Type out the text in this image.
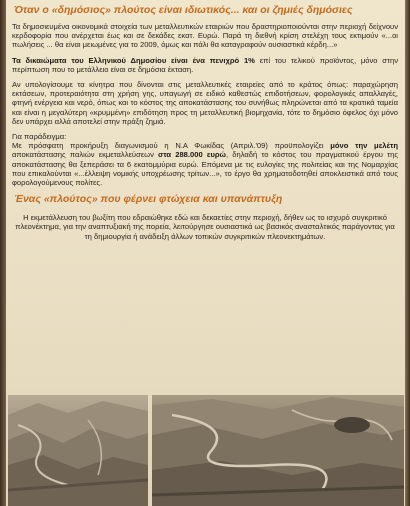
Όταν ο «δημόσιος» πλούτος είναι ιδιωτικός... και οι ζημιές δημόσιες

Τα δημοσιευμένα οικονομικά στοιχεία των μεταλλευτικών εταιριών που δραστηριοποιούνται στην περιοχή δείχνουν κερδοφορία που ανέρχεται έως και σε δεκάδες εκατ. Ευρώ. Παρά τη διεθνή κρίση στελέχη τους εκτιμούν «...οι πωλήσεις ... θα είναι μειωμένες για το 2009, όμως και πάλι θα καταγραφούν ουσιαστικά κέρδη...»

Τα δικαιώματα του Ελληνικού Δημοσίου είναι ένα πενιχρό 1% επί του τελικού προϊόντος, μόνο στην περίπτωση που το μετάλλειο είναι σε δημόσια έκταση.

Αν υπολογίσουμε τα κίνητρα που δίνονται στις μεταλλευτικές εταιρείες από το κράτος όπως: παραχώρηση εκτάσεων, προτεραιότητα στη χρήση γης, υπαγωγή σε ειδικό καθεστώς επιδοτήσεων, φορολογικές απαλλαγές, φτηνή ενέργεια και νερό, όπως και το κόστος της αποκατάστασης του συνήθως πληρώνεται από τα κρατικά ταμεία και είναι η μεγαλύτερη «κρυμμένη» επιδότηση προς τη μεταλλευτική βιομηχανία, τότε το δημόσιο όφελος όχι μόνο δεν υπάρχει αλλά αποτελεί στην πράξη ζημιά.

Για παράδειγμα:
Με πρόσφατη προκήρυξη διαγωνισμού η Ν.Α Φωκίδας (Απριλ.'09) προϋπολογίζει μόνο την μελέτη αποκατάστασης παλιών εκμεταλλεύσεων στα 288.000 ευρώ, δηλαδή το κόστος του πραγματικού έργου της αποκατάστασης θα ξεπεράσει τα 6 εκατομμύρια ευρώ. Επόμενα με τις ευλογίες της πολιτείας και της Νομαρχίας που επικαλούνται «...έλλειψη νομικής υποχρέωσης τρίτων...», το έργο θα χρηματοδοτηθεί αποκλειστικά από τους φορολογούμενους πολίτες.

Ένας «πλούτος» που φέρνει φτώχεια και υπανάπτυξη

Η εκμετάλλευση του βωξίτη που εδραιώθηκε εδώ και δεκαετίες στην περιοχή, δήθεν ως το ισχυρό συγκριτικό πλεονέκτημα, για την αναπτυξιακή της πορεία, λειτούργησε ουσιαστικά ως βασικός ανασταλτικός παράγοντας για τη δημιουργία ή ανάδειξη άλλων τοπικών συγκριτικών πλεονεκτημάτων.
